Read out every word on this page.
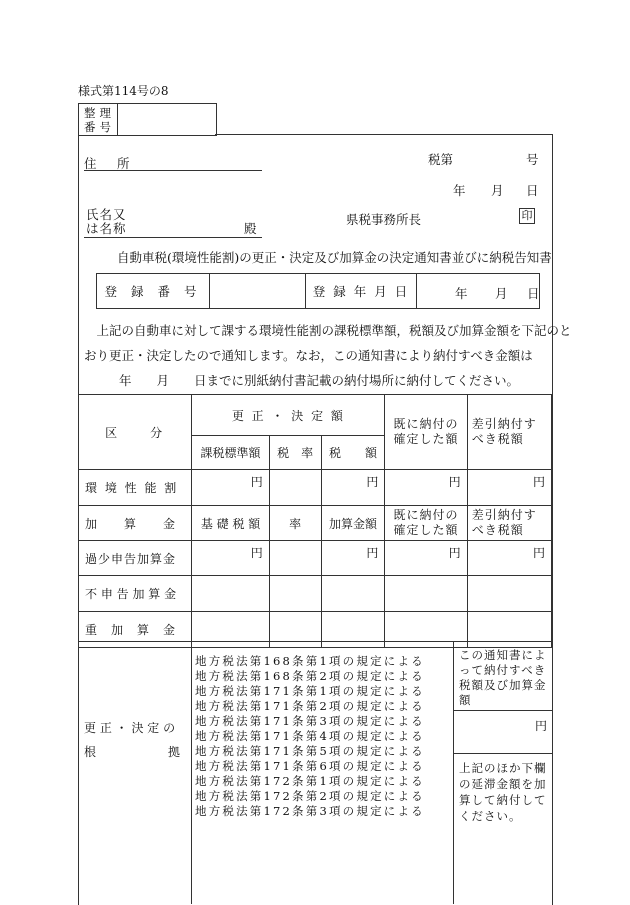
様式第114号の8
整理
番号
住　所	税第	号
年 月 日
氏名又
は名称	殿
県税事務所長	印
自動車税(環境性能割)の更正・決定及び加算金の決定通知書並びに納税告知書
登 録 番 号		登 録 年 月 日	年 月 日
　上記の自動車に対して課する環境性能割の課税標準額，税額及び加算金額を下記のと
おり更正・決定したので通知します。なお，この通知書により納付すべき金額は
　　年　　月　　日までに別紙納付書記載の納付場所に納付してください。
区　　分	更 正 ・ 決 定 額			既に納付の確定した額	差引納付すべき税額
	課税標準額	税　率	税　　額		
環 境 性 能 割	円		円	円	円
加　　算　　金	基 礎 税 額	率	加算金額	既に納付の確定した額	差引納付すべき税額
過少申告加算金	円		円	円	円
不 申 告 加 算 金					
重　加　算　金					
更 正 ・ 決 定 の
根　　　　　　拠
地方税法第168条第1項の規定による
地方税法第168条第2項の規定による
地方税法第171条第1項の規定による
地方税法第171条第2項の規定による
地方税法第171条第3項の規定による
地方税法第171条第4項の規定による
地方税法第171条第5項の規定による
地方税法第171条第6項の規定による
地方税法第172条第1項の規定による
地方税法第172条第2項の規定による
地方税法第172条第3項の規定による
この通知書によって納付すべき税額及び加算金額
円
上記のほか下欄の延滞金額を加算して納付してください。
